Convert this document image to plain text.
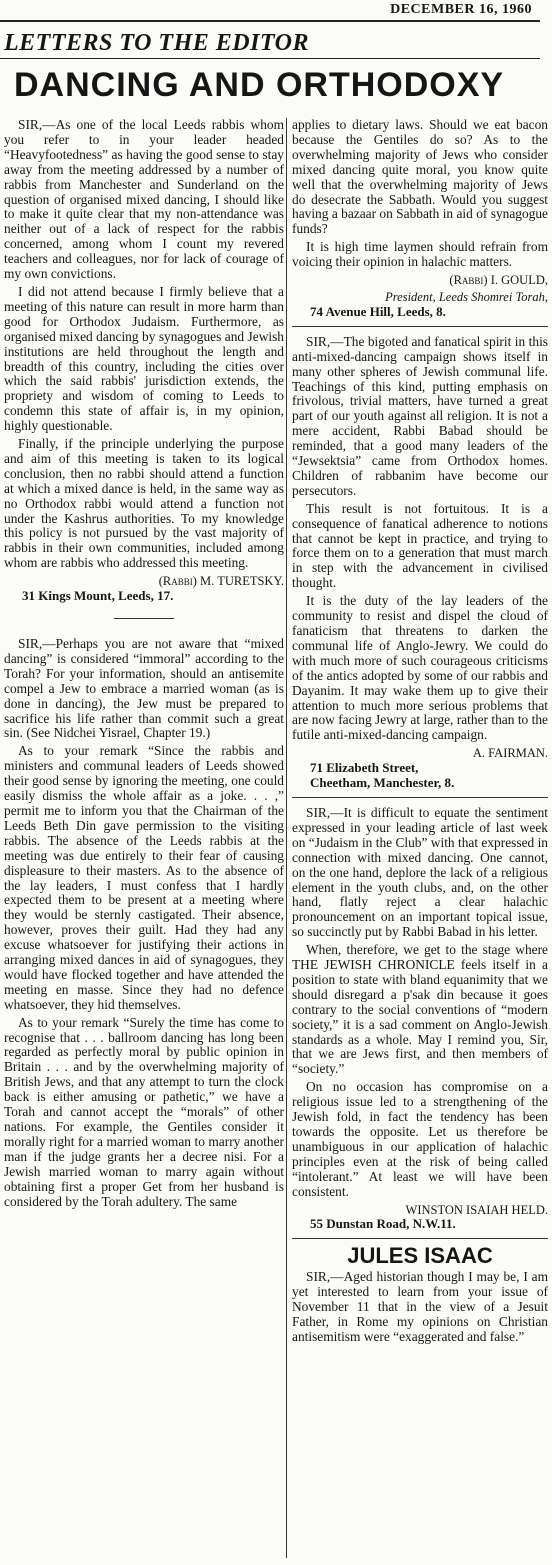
DECEMBER 16, 1960
LETTERS TO THE EDITOR
DANCING AND ORTHODOXY

SIR,—As one of the local Leeds rabbis whom you refer to in your leader headed “Heavyfootedness” as having the good sense to stay away from the meeting addressed by a number of rabbis from Manchester and Sunderland on the question of organised mixed dancing, I should like to make it quite clear that my non-attendance was neither out of a lack of respect for the rabbis concerned, among whom I count my revered teachers and colleagues, nor for lack of courage of my own convictions.

I did not attend because I firmly believe that a meeting of this nature can result in more harm than good for Orthodox Judaism. Furthermore, as organised mixed dancing by synagogues and Jewish institutions are held throughout the length and breadth of this country, including the cities over which the said rabbis' jurisdiction extends, the propriety and wisdom of coming to Leeds to condemn this state of affair is, in my opinion, highly questionable.

Finally, if the principle underlying the purpose and aim of this meeting is taken to its logical conclusion, then no rabbi should attend a function at which a mixed dance is held, in the same way as no Orthodox rabbi would attend a function not under the Kashrus authorities. To my knowledge this policy is not pursued by the vast majority of rabbis in their own communities, included among whom are rabbis who addressed this meeting.

(Rabbi) M. TURETSKY.
31 Kings Mount, Leeds, 17.

SIR,—Perhaps you are not aware that “mixed dancing” is considered “immoral” according to the Torah? For your information, should an antisemite compel a Jew to embrace a married woman (as is done in dancing), the Jew must be prepared to sacrifice his life rather than commit such a great sin. (See Nidchei Yisrael, Chapter 19.)

As to your remark “Since the rabbis and ministers and communal leaders of Leeds showed their good sense by ignoring the meeting, one could easily dismiss the whole affair as a joke. . . ,” permit me to inform you that the Chairman of the Leeds Beth Din gave permission to the visiting rabbis. The absence of the Leeds rabbis at the meeting was due entirely to their fear of causing displeasure to their masters. As to the absence of the lay leaders, I must confess that I hardly expected them to be present at a meeting where they would be sternly castigated. Their absence, however, proves their guilt. Had they had any excuse whatsoever for justifying their actions in arranging mixed dances in aid of synagogues, they would have flocked together and have attended the meeting en masse. Since they had no defence whatsoever, they hid themselves.

As to your remark “Surely the time has come to recognise that . . . ballroom dancing has long been regarded as perfectly moral by public opinion in Britain . . . and by the overwhelming majority of British Jews, and that any attempt to turn the clock back is either amusing or pathetic,” we have a Torah and cannot accept the “morals” of other nations. For example, the Gentiles consider it morally right for a married woman to marry another man if the judge grants her a decree nisi. For a Jewish married woman to marry again without obtaining first a proper Get from her husband is considered by the Torah adultery. The same

applies to dietary laws. Should we eat bacon because the Gentiles do so? As to the overwhelming majority of Jews who consider mixed dancing quite moral, you know quite well that the overwhelming majority of Jews do desecrate the Sabbath. Would you suggest having a bazaar on Sabbath in aid of synagogue funds?

It is high time laymen should refrain from voicing their opinion in halachic matters.

(Rabbi) I. GOULD,
President, Leeds Shomrei Torah,
74 Avenue Hill, Leeds, 8.

SIR,—The bigoted and fanatical spirit in this anti-mixed-dancing campaign shows itself in many other spheres of Jewish communal life. Teachings of this kind, putting emphasis on frivolous, trivial matters, have turned a great part of our youth against all religion. It is not a mere accident, Rabbi Babad should be reminded, that a good many leaders of the “Jewsektsia” came from Orthodox homes. Children of rabbanim have become our persecutors.

This result is not fortuitous. It is a consequence of fanatical adherence to notions that cannot be kept in practice, and trying to force them on to a generation that must march in step with the advancement in civilised thought.

It is the duty of the lay leaders of the community to resist and dispel the cloud of fanaticism that threatens to darken the communal life of Anglo-Jewry. We could do with much more of such courageous criticisms of the antics adopted by some of our rabbis and Dayanim. It may wake them up to give their attention to much more serious problems that are now facing Jewry at large, rather than to the futile anti-mixed-dancing campaign.

A. FAIRMAN.
71 Elizabeth Street,
Cheetham, Manchester, 8.

SIR,—It is difficult to equate the sentiment expressed in your leading article of last week on “Judaism in the Club” with that expressed in connection with mixed dancing. One cannot, on the one hand, deplore the lack of a religious element in the youth clubs, and, on the other hand, flatly reject a clear halachic pronouncement on an important topical issue, so succinctly put by Rabbi Babad in his letter.

When, therefore, we get to the stage where THE JEWISH CHRONICLE feels itself in a position to state with bland equanimity that we should disregard a p'sak din because it goes contrary to the social conventions of “modern society,” it is a sad comment on Anglo-Jewish standards as a whole. May I remind you, Sir, that we are Jews first, and then members of “society.”

On no occasion has compromise on a religious issue led to a strengthening of the Jewish fold, in fact the tendency has been towards the opposite. Let us therefore be unambiguous in our application of halachic principles even at the risk of being called “intolerant.” At least we will have been consistent.

WINSTON ISAIAH HELD.
55 Dunstan Road, N.W.11.
JULES ISAAC

SIR,—Aged historian though I may be, I am yet interested to learn from your issue of November 11 that in the view of a Jesuit Father, in Rome my opinions on Christian antisemitism were “exaggerated and false.”
